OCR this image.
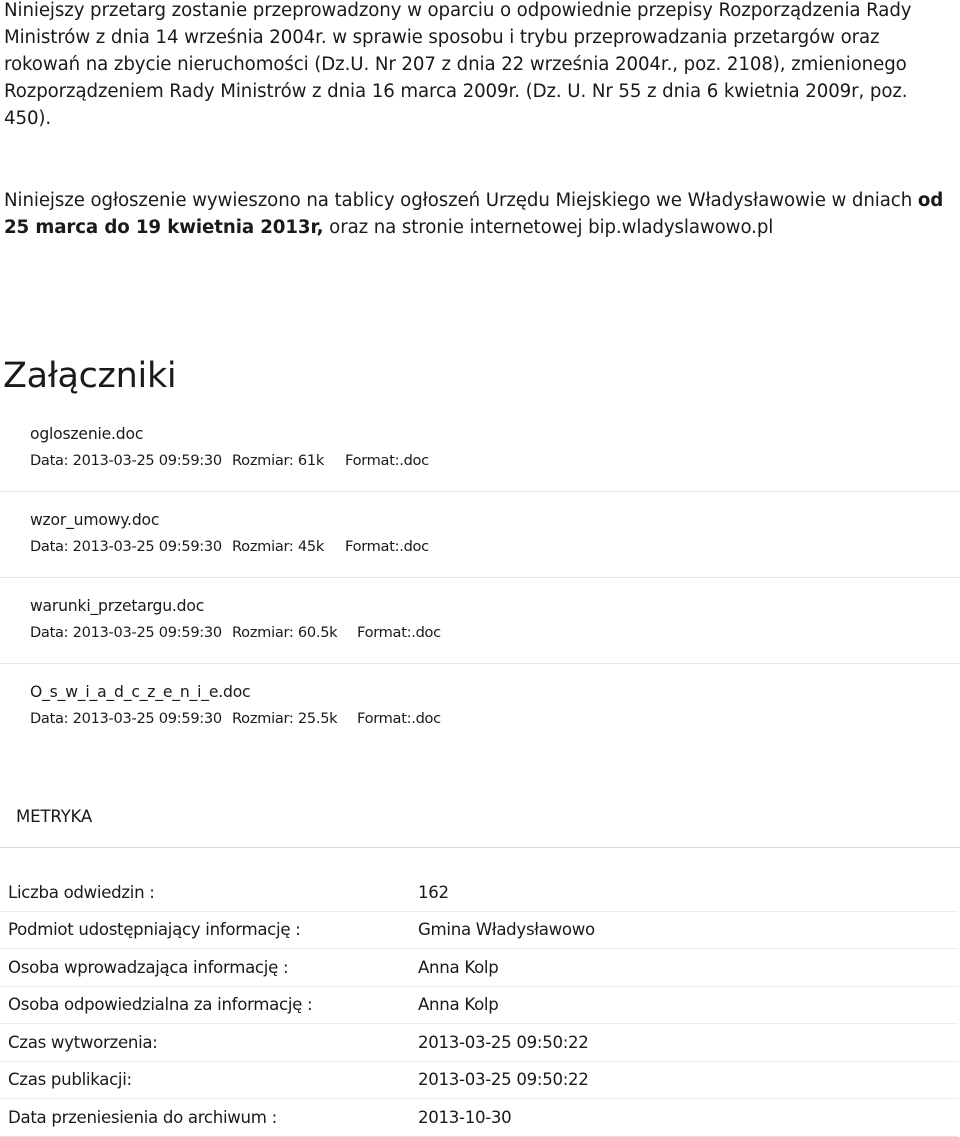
Niniejszy przetarg zostanie przeprowadzony w oparciu o odpowiednie przepisy Rozporządzenia Rady Ministrów z dnia 14 września 2004r. w sprawie sposobu i trybu przeprowadzania przetargów oraz rokowań na zbycie nieruchomości (Dz.U. Nr 207 z dnia 22 września 2004r., poz. 2108), zmienionego Rozporządzeniem Rady Ministrów z dnia 16 marca 2009r. (Dz. U. Nr 55 z dnia 6 kwietnia 2009r, poz. 450).

Niniejsze ogłoszenie wywieszono na tablicy ogłoszeń Urzędu Miejskiego we Władysławowie w dniach od 25 marca do 19 kwietnia 2013r, oraz na stronie internetowej bip.wladyslawowo.pl

Załączniki
ogloszenie.doc
Data: 2013-03-25 09:59:30 Rozmiar: 61k Format:.doc
wzor_umowy.doc
Data: 2013-03-25 09:59:30 Rozmiar: 45k Format:.doc
warunki_przetargu.doc
Data: 2013-03-25 09:59:30 Rozmiar: 60.5k Format:.doc
O_s_w_i_a_d_c_z_e_n_i_e.doc
Data: 2013-03-25 09:59:30 Rozmiar: 25.5k Format:.doc
METRYKA
Liczba odwiedzin :	162
Podmiot udostępniający informację :	Gmina Władysławowo
Osoba wprowadzająca informację :	Anna Kolp
Osoba odpowiedzialna za informację :	Anna Kolp
Czas wytworzenia:	2013-03-25 09:50:22
Czas publikacji:	2013-03-25 09:50:22
Data przeniesienia do archiwum :	2013-10-30
